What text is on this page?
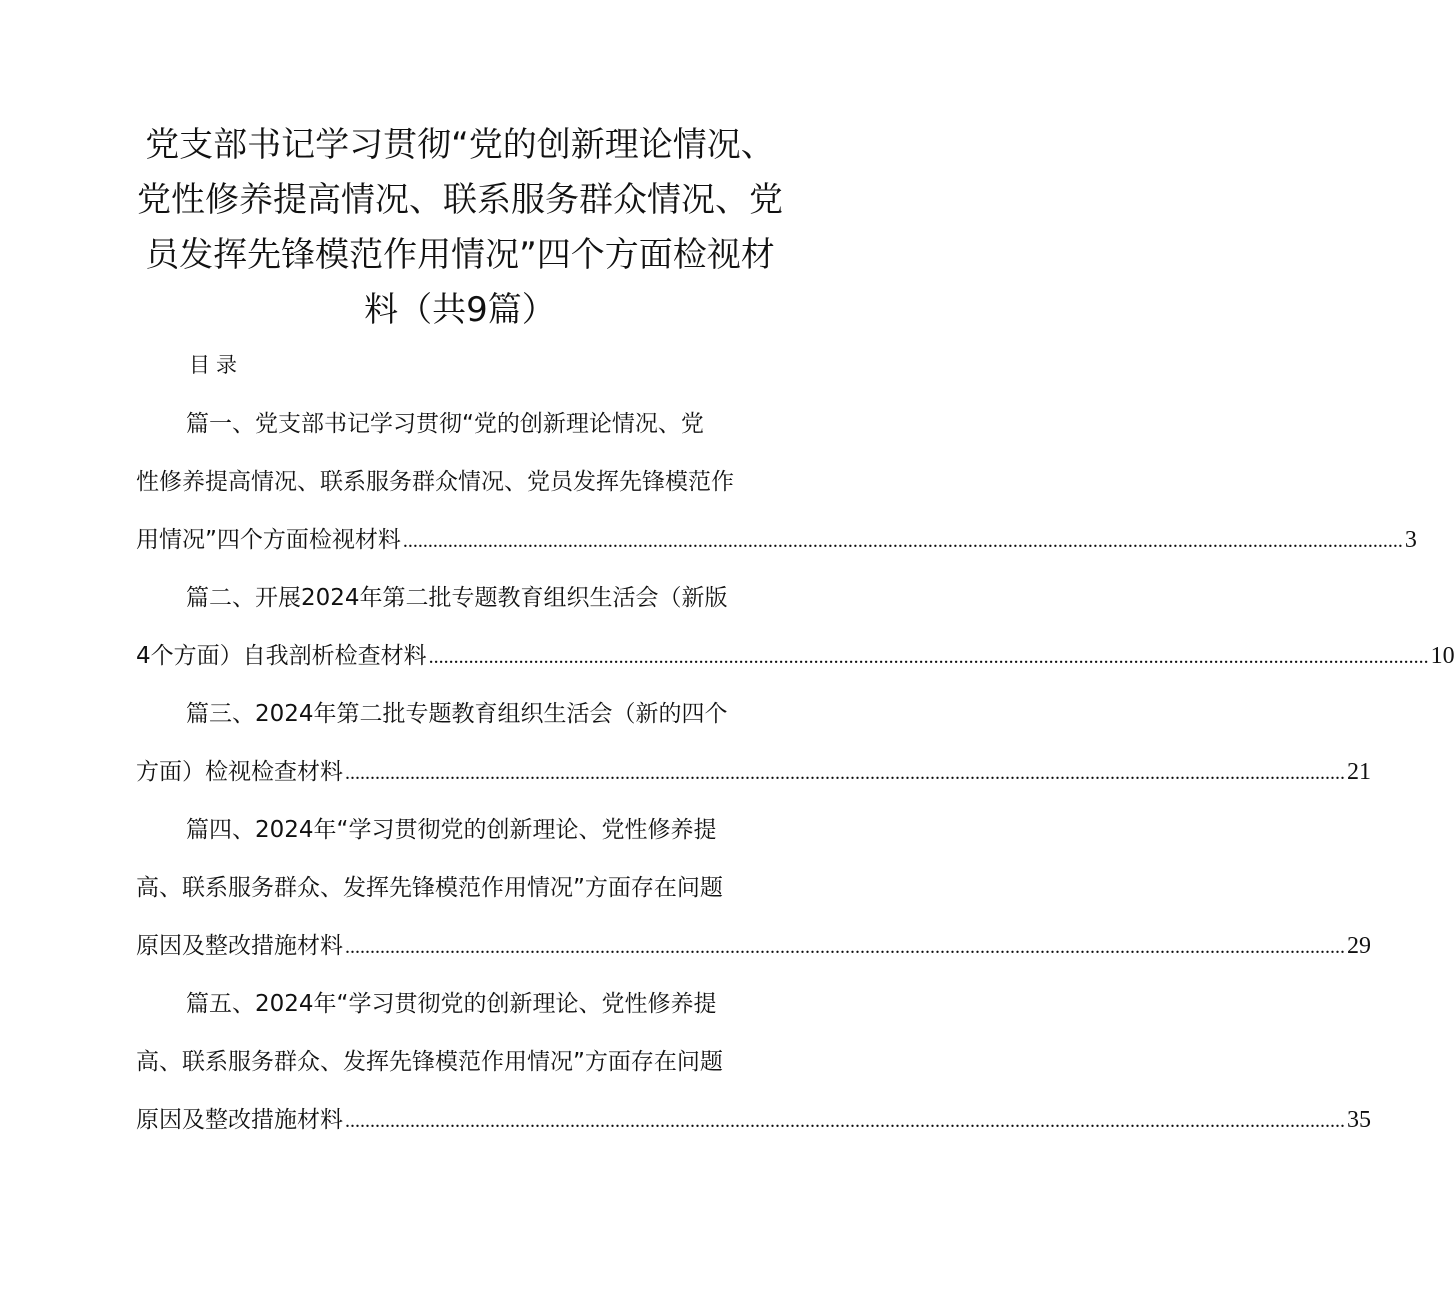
党支部书记学习贯彻“党的创新理论情况、
党性修养提高情况、联系服务群众情况、党
员发挥先锋模范作用情况”四个方面检视材
料（共9篇）
目录
篇一、党支部书记学习贯彻“党的创新理论情况、党
性修养提高情况、联系服务群众情况、党员发挥先锋模范作
用情况”四个方面检视材料 ........................................................................................................................................................................................................ 3
篇二、开展2024年第二批专题教育组织生活会（新版
4个方面）自我剖析检查材料 ........................................................................................................................................................................................................ 10
篇三、2024年第二批专题教育组织生活会（新的四个
方面）检视检查材料 ........................................................................................................................................................................................................ 21
篇四、2024年“学习贯彻党的创新理论、党性修养提
高、联系服务群众、发挥先锋模范作用情况”方面存在问题
原因及整改措施材料 ........................................................................................................................................................................................................ 29
篇五、2024年“学习贯彻党的创新理论、党性修养提
高、联系服务群众、发挥先锋模范作用情况”方面存在问题
原因及整改措施材料 ........................................................................................................................................................................................................ 35
